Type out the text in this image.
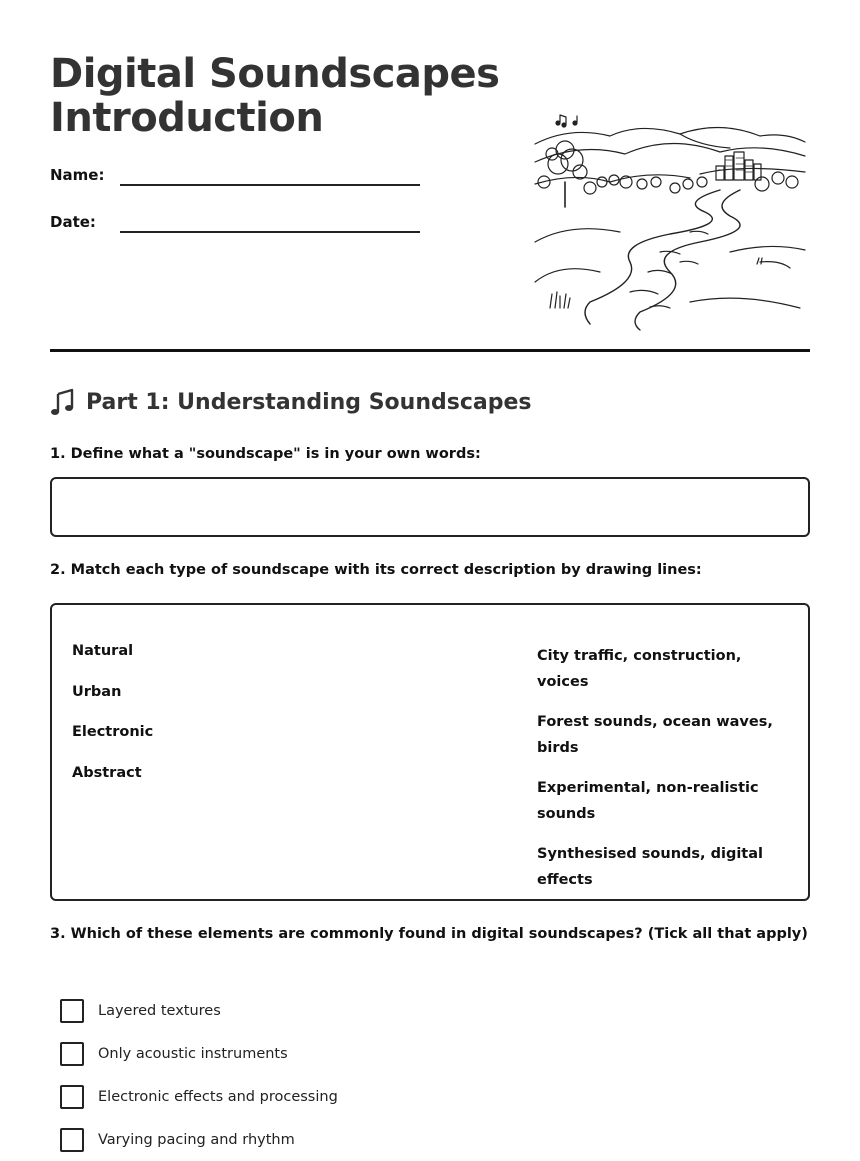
Digital Soundscapes
Introduction
Name:
Date:
Part 1: Understanding Soundscapes

1. Define what a "soundscape" is in your own words:

2. Match each type of soundscape with its correct description by drawing lines:

Natural
Urban
Electronic
Abstract
City traffic, construction, voices
Forest sounds, ocean waves, birds
Experimental, non-realistic sounds
Synthesised sounds, digital effects

3. Which of these elements are commonly found in digital soundscapes? (Tick all that apply)

Layered textures
Only acoustic instruments
Electronic effects and processing
Varying pacing and rhythm
